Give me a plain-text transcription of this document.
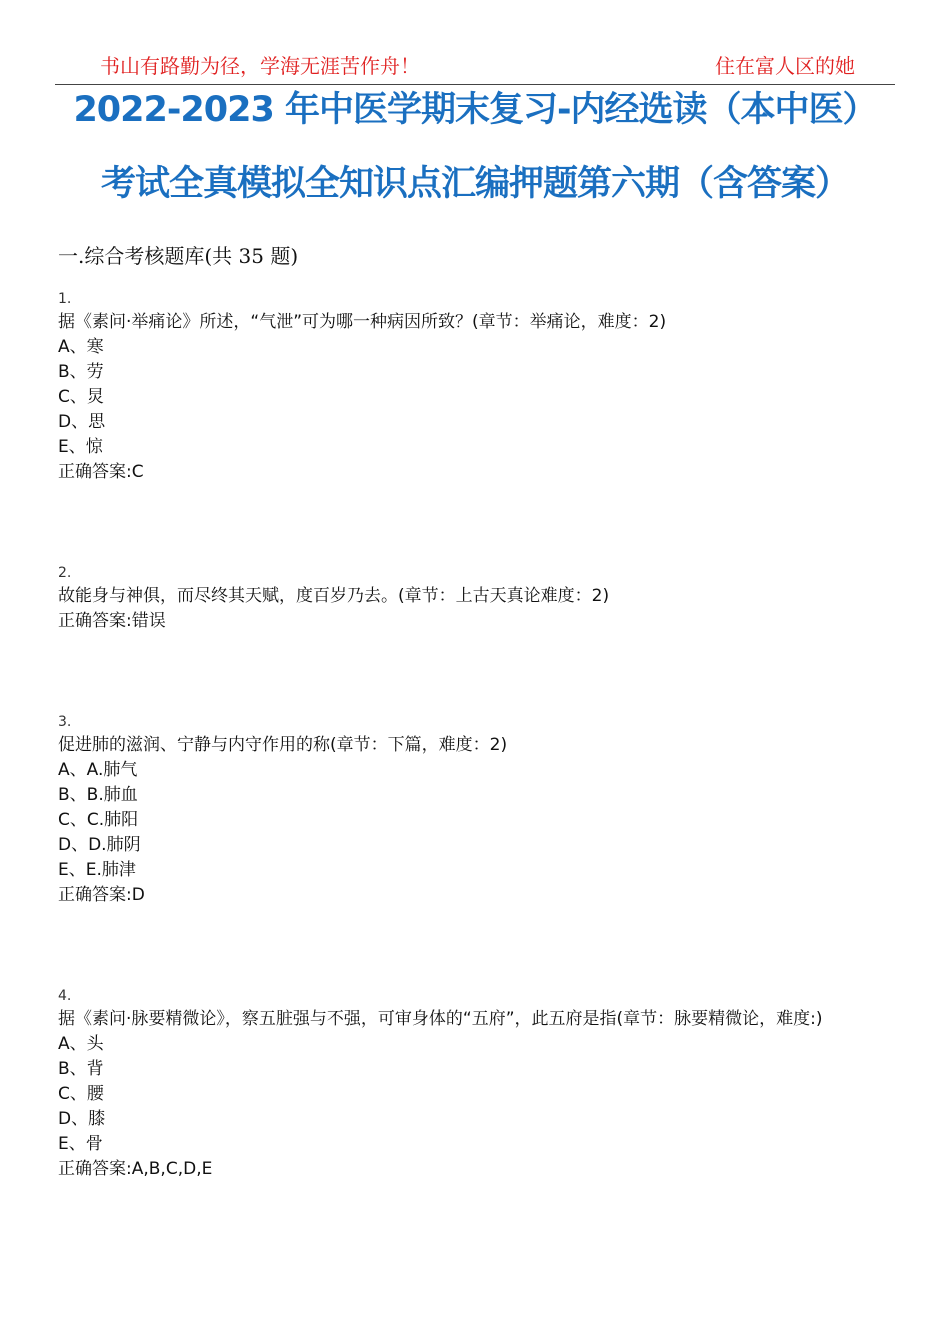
书山有路勤为径，学海无涯苦作舟！	住在富人区的她
2022-2023 年中医学期末复习-内经选读（本中医）
考试全真模拟全知识点汇编押题第六期（含答案）
一.综合考核题库(共 35 题)
1.
据《素问·举痛论》所述，“气泄”可为哪一种病因所致？(章节：举痛论，难度：2)
A、寒
B、劳
C、炅
D、思
E、惊
正确答案:C
2.
故能身与神俱，而尽终其天赋，度百岁乃去。(章节：上古天真论难度：2)
正确答案:错误
3.
促进肺的滋润、宁静与内守作用的称(章节：下篇，难度：2)
A、A.肺气
B、B.肺血
C、C.肺阳
D、D.肺阴
E、E.肺津
正确答案:D
4.
据《素问·脉要精微论》，察五脏强与不强，可审身体的“五府”，此五府是指(章节：脉要精微论，难度:)
A、头
B、背
C、腰
D、膝
E、骨
正确答案:A,B,C,D,E
